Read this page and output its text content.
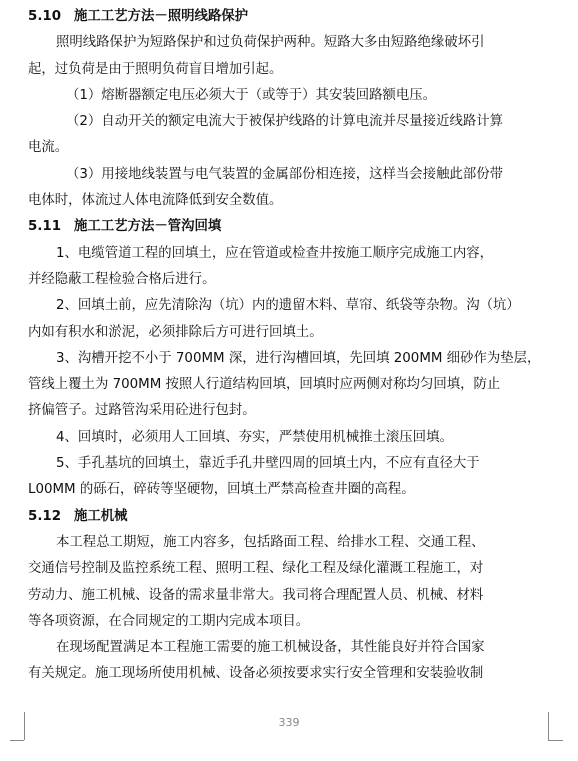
5.10 施工工艺方法－照明线路保护
照明线路保护为短路保护和过负荷保护两种。短路大多由短路绝缘破坏引
起，过负荷是由于照明负荷盲目增加引起。
（1）熔断器额定电压必须大于（或等于）其安装回路额电压。
（2）自动开关的额定电流大于被保护线路的计算电流并尽量接近线路计算
电流。
（3）用接地线装置与电气装置的金属部份相连接，这样当会接触此部份带
电体时，体流过人体电流降低到安全数值。
5.11 施工工艺方法－管沟回填
1、电缆管道工程的回填土，应在管道或检查井按施工顺序完成施工内容，
并经隐蔽工程检验合格后进行。
2、回填土前，应先清除沟（坑）内的遗留木料、草帘、纸袋等杂物。沟（坑）
内如有积水和淤泥，必须排除后方可进行回填土。
3、沟槽开挖不小于 700MM 深，进行沟槽回填，先回填 200MM 细砂作为垫层，
管线上覆土为 700MM 按照人行道结构回填，回填时应两侧对称均匀回填，防止
挤偏管子。过路管沟采用砼进行包封。
4、回填时，必须用人工回填、夯实，严禁使用机械推土滚压回填。
5、手孔基坑的回填土，靠近手孔井壁四周的回填土内，不应有直径大于
L00MM 的砾石，碎砖等坚硬物，回填土严禁高检查井圈的高程。
5.12 施工机械
本工程总工期短，施工内容多，包括路面工程、给排水工程、交通工程、
交通信号控制及监控系统工程、照明工程、绿化工程及绿化灌溉工程施工，对
劳动力、施工机械、设备的需求量非常大。我司将合理配置人员、机械、材料
等各项资源，在合同规定的工期内完成本项目。
在现场配置满足本工程施工需要的施工机械设备，其性能良好并符合国家
有关规定。施工现场所使用机械、设备必须按要求实行安全管理和安装验收制
339
